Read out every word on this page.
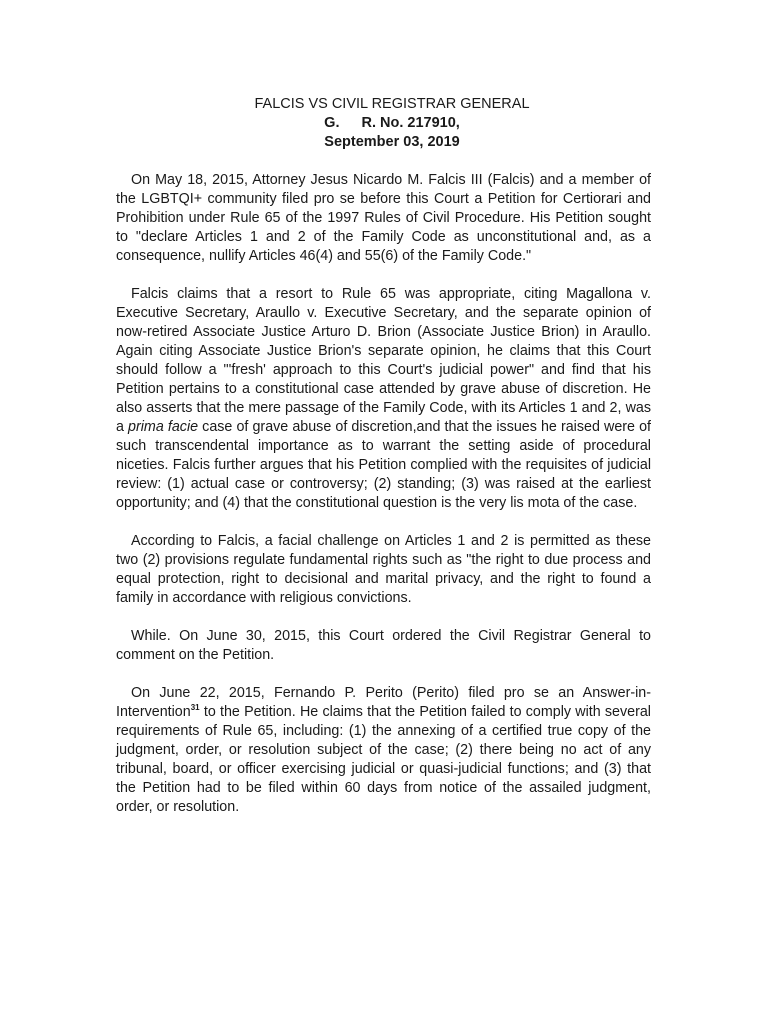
FALCIS VS CIVIL REGISTRAR GENERAL

G. R. No. 217910,

September 03, 2019

On May 18, 2015, Attorney Jesus Nicardo M. Falcis III (Falcis) and a member of the LGBTQI+ community filed pro se before this Court a Petition for Certiorari and Prohibition under Rule 65 of the 1997 Rules of Civil Procedure. His Petition sought to "declare Articles 1 and 2 of the Family Code as unconstitutional and, as a consequence, nullify Articles 46(4) and 55(6) of the Family Code."

Falcis claims that a resort to Rule 65 was appropriate, citing Magallona v. Executive Secretary, Araullo v. Executive Secretary, and the separate opinion of now-retired Associate Justice Arturo D. Brion (Associate Justice Brion) in Araullo. Again citing Associate Justice Brion's separate opinion, he claims that this Court should follow a "'fresh' approach to this Court's judicial power" and find that his Petition pertains to a constitutional case attended by grave abuse of discretion. He also asserts that the mere passage of the Family Code, with its Articles 1 and 2, was a prima facie case of grave abuse of discretion,and that the issues he raised were of such transcendental importance as to warrant the setting aside of procedural niceties. Falcis further argues that his Petition complied with the requisites of judicial review: (1) actual case or controversy; (2) standing; (3) was raised at the earliest opportunity; and (4) that the constitutional question is the very lis mota of the case.

According to Falcis, a facial challenge on Articles 1 and 2 is permitted as these two (2) provisions regulate fundamental rights such as "the right to due process and equal protection, right to decisional and marital privacy, and the right to found a family in accordance with religious convictions.

While. On June 30, 2015, this Court ordered the Civil Registrar General to comment on the Petition.

On June 22, 2015, Fernando P. Perito (Perito) filed pro se an Answer-in-Intervention$^{31}$ to the Petition. He claims that the Petition failed to comply with several requirements of Rule 65, including: (1) the annexing of a certified true copy of the judgment, order, or resolution subject of the case; (2) there being no act of any tribunal, board, or officer exercising judicial or quasi-judicial functions; and (3) that the Petition had to be filed within 60 days from notice of the assailed judgment, order, or resolution.
